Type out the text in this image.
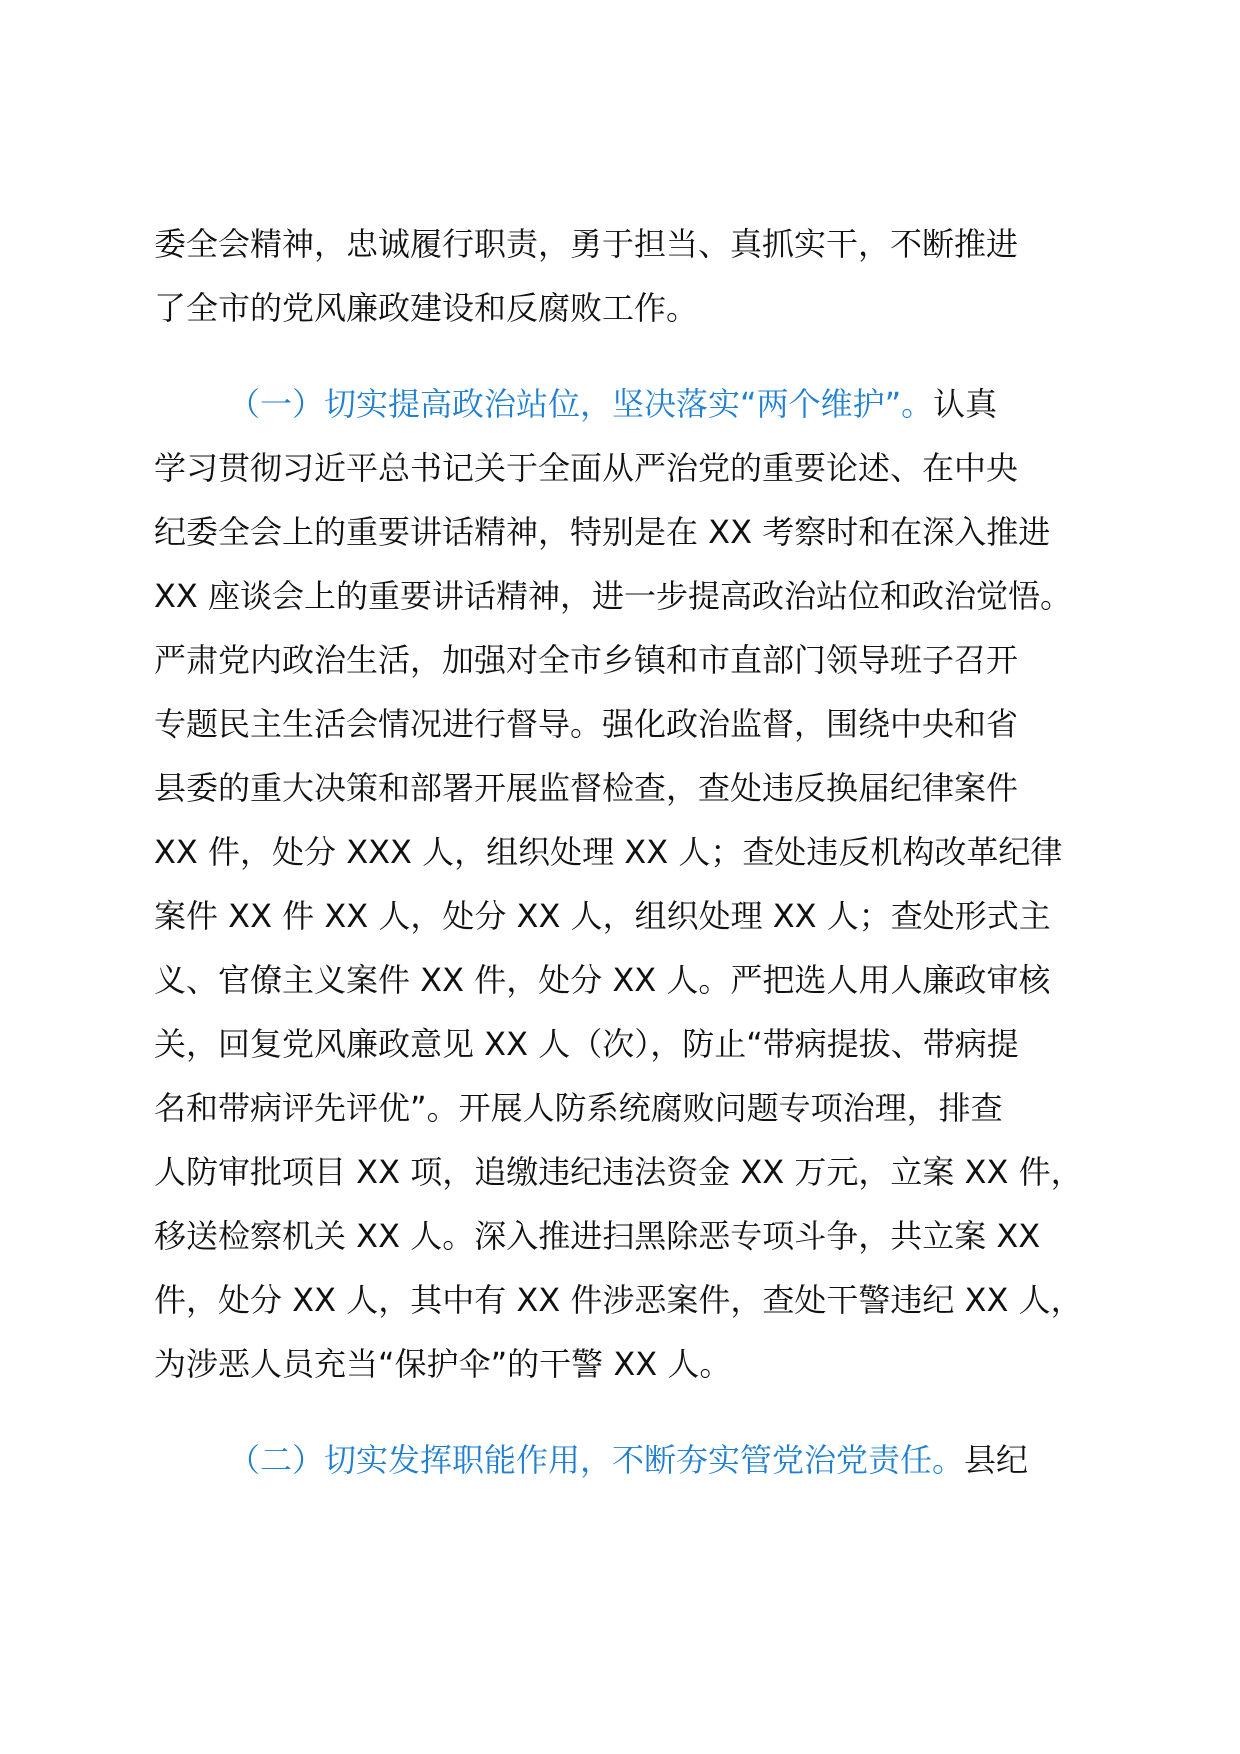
委全会精神，忠诚履行职责，勇于担当、真抓实干，不断推进
了全市的党风廉政建设和反腐败工作。
（一）切实提高政治站位，坚决落实“两个维护”。认真
学习贯彻习近平总书记关于全面从严治党的重要论述、在中央
纪委全会上的重要讲话精神，特别是在 XX 考察时和在深入推进
XX 座谈会上的重要讲话精神，进一步提高政治站位和政治觉悟。
严肃党内政治生活，加强对全市乡镇和市直部门领导班子召开
专题民主生活会情况进行督导。强化政治监督，围绕中央和省
县委的重大决策和部署开展监督检查，查处违反换届纪律案件
XX 件，处分 XXX 人，组织处理 XX 人；查处违反机构改革纪律
案件 XX 件 XX 人，处分 XX 人，组织处理 XX 人；查处形式主
义、官僚主义案件 XX 件，处分 XX 人。严把选人用人廉政审核
关，回复党风廉政意见 XX 人（次），防止“带病提拔、带病提
名和带病评先评优”。开展人防系统腐败问题专项治理，排查
人防审批项目 XX 项，追缴违纪违法资金 XX 万元，立案 XX 件，
移送检察机关 XX 人。深入推进扫黑除恶专项斗争，共立案 XX
件，处分 XX 人，其中有 XX 件涉恶案件，查处干警违纪 XX 人，
为涉恶人员充当“保护伞”的干警 XX 人。
（二）切实发挥职能作用，不断夯实管党治党责任。县纪
